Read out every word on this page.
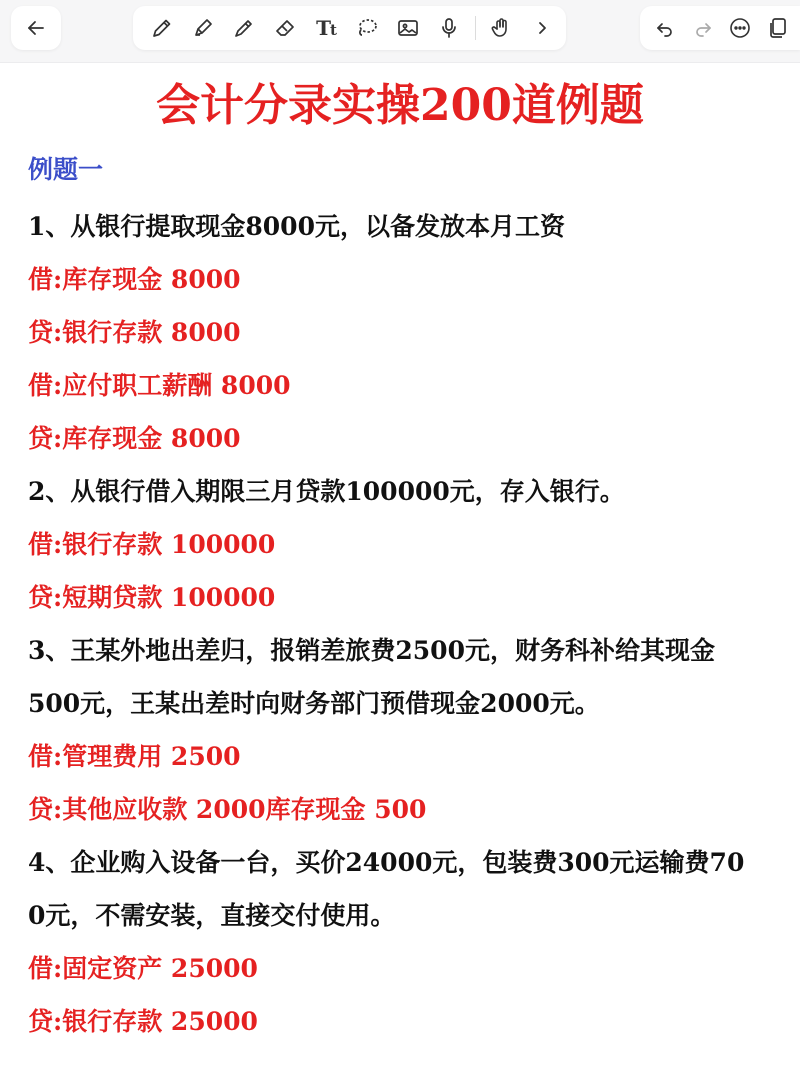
Tt
会计分录实操200道例题
例题一
1、从银行提取现金8000元，以备发放本月工资
借:库存现金 8000
贷:银行存款 8000
借:应付职工薪酬 8000
贷:库存现金 8000
2、从银行借入期限三月贷款100000元，存入银行。
借:银行存款 100000
贷:短期贷款 100000
3、王某外地出差归，报销差旅费2500元，财务科补给其现金
500元，王某出差时向财务部门预借现金2000元。
借:管理费用 2500
贷:其他应收款 2000库存现金 500
4、企业购入设备一台，买价24000元，包装费300元运输费70
0元，不需安装，直接交付使用。
借:固定资产 25000
贷:银行存款 25000
